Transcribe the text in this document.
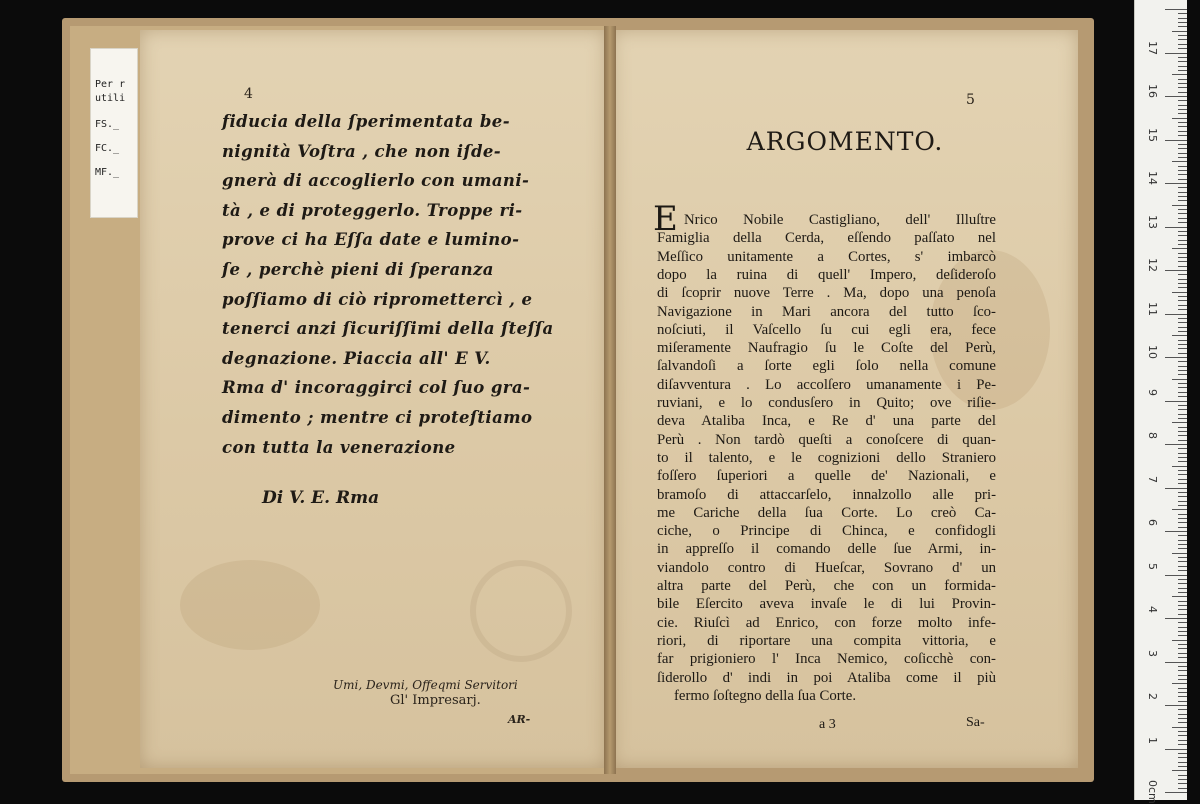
Per r
utili
FS._
FC._
MF._
4
fiducia della ſperimentata be-
nignità Voſtra , che non iſde-
gnerà di accoglierlo con umani-
tà , e di proteggerlo. Troppe ri-
prove ci ha Eſſa date e lumino-
ſe , perchè pieni di ſperanza
poſſiamo di ciò ripromettercì , e
tenerci anzi ſicuriſſimi della ſteſſa
degnazione. Piaccia all' E V.
Rma d' incoraggirci col ſuo gra-
dimento ; mentre ci proteſtiamo
con tutta la venerazione
Di V. E. Rma
Umi, Devmi, Offeqmi Servitori
Gl' Impresarj.
AR-
5
ARGOMENTO.
E Nrico Nobile Castigliano, dell' Illuſtre
Famiglia della Cerda, eſſendo paſſato nel
Meſſico unitamente a Cortes, s' imbarcò
dopo la ruina di quell' Impero, deſideroſo
di ſcoprir nuove Terre . Ma, dopo una penoſa
Navigazione in Mari ancora del tutto ſco-
noſciuti, il Vaſcello ſu cui egli era, fece
miſeramente Naufragio ſu le Coſte del Perù,
ſalvandoſi a ſorte egli ſolo nella comune
diſavventura . Lo accolſero umanamente i Pe-
ruviani, e lo condusſero in Quito; ove riſie-
deva Ataliba Inca, e Re d' una parte del
Perù . Non tardò queſti a conoſcere di quan-
to il talento, e le cognizioni dello Straniero
foſſero ſuperiori a quelle de' Nazionali, e
bramoſo di attaccarſelo, innalzollo alle pri-
me Cariche della ſua Corte. Lo creò Ca-
ciche, o Principe di Chinca, e confidogli
in appreſſo il comando delle ſue Armi, in-
viandolo contro di Hueſcar, Sovrano d' un
altra parte del Perù, che con un formida-
bile Eſercito aveva invaſe le di lui Provin-
cie. Riuſcì ad Enrico, con forze molto infe-
riori, di riportare una compita vittoria, e
far prigioniero l' Inca Nemico, coſicchè con-
ſiderollo d' indi in poi Ataliba come il più
fermo ſoſtegno della ſua Corte.
a 3	Sa-
17
16
15
14
13
12
11
10
9
8
7
6
5
4
3
2
1
0cm
